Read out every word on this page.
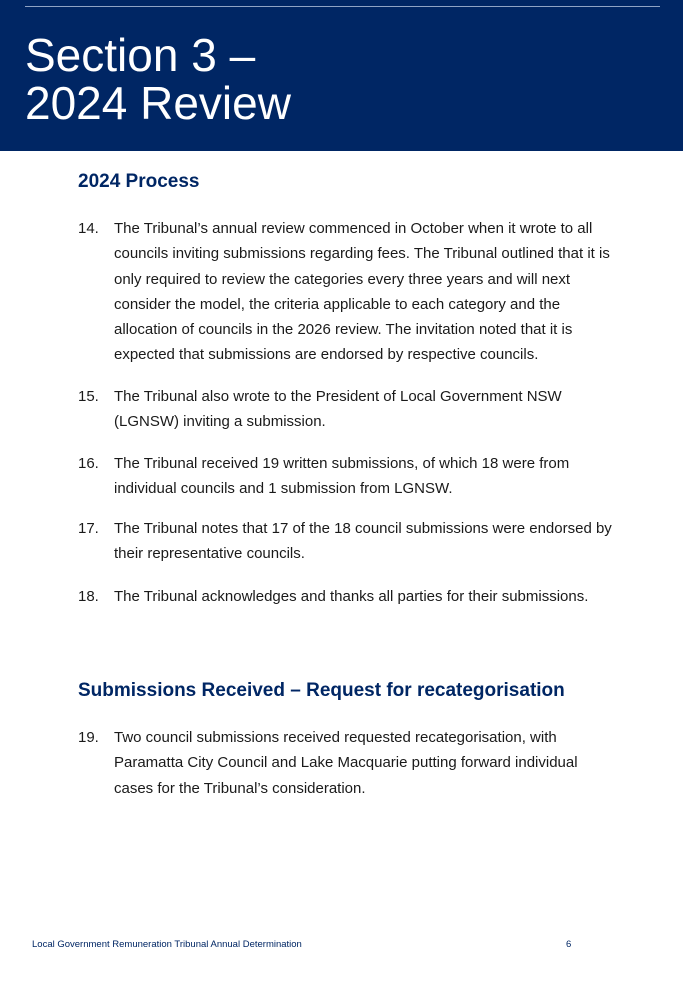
Section 3 –
2024 Review
2024 Process
14. The Tribunal’s annual review commenced in October when it wrote to all councils inviting submissions regarding fees. The Tribunal outlined that it is only required to review the categories every three years and will next consider the model, the criteria applicable to each category and the allocation of councils in the 2026 review. The invitation noted that it is expected that submissions are endorsed by respective councils.
15. The Tribunal also wrote to the President of Local Government NSW (LGNSW) inviting a submission.
16. The Tribunal received 19 written submissions, of which 18 were from individual councils and 1 submission from LGNSW.
17. The Tribunal notes that 17 of the 18 council submissions were endorsed by their representative councils.
18. The Tribunal acknowledges and thanks all parties for their submissions.
Submissions Received – Request for recategorisation
19. Two council submissions received requested recategorisation, with Paramatta City Council and Lake Macquarie putting forward individual cases for the Tribunal’s consideration.
Local Government Remuneration Tribunal Annual Determination	6
